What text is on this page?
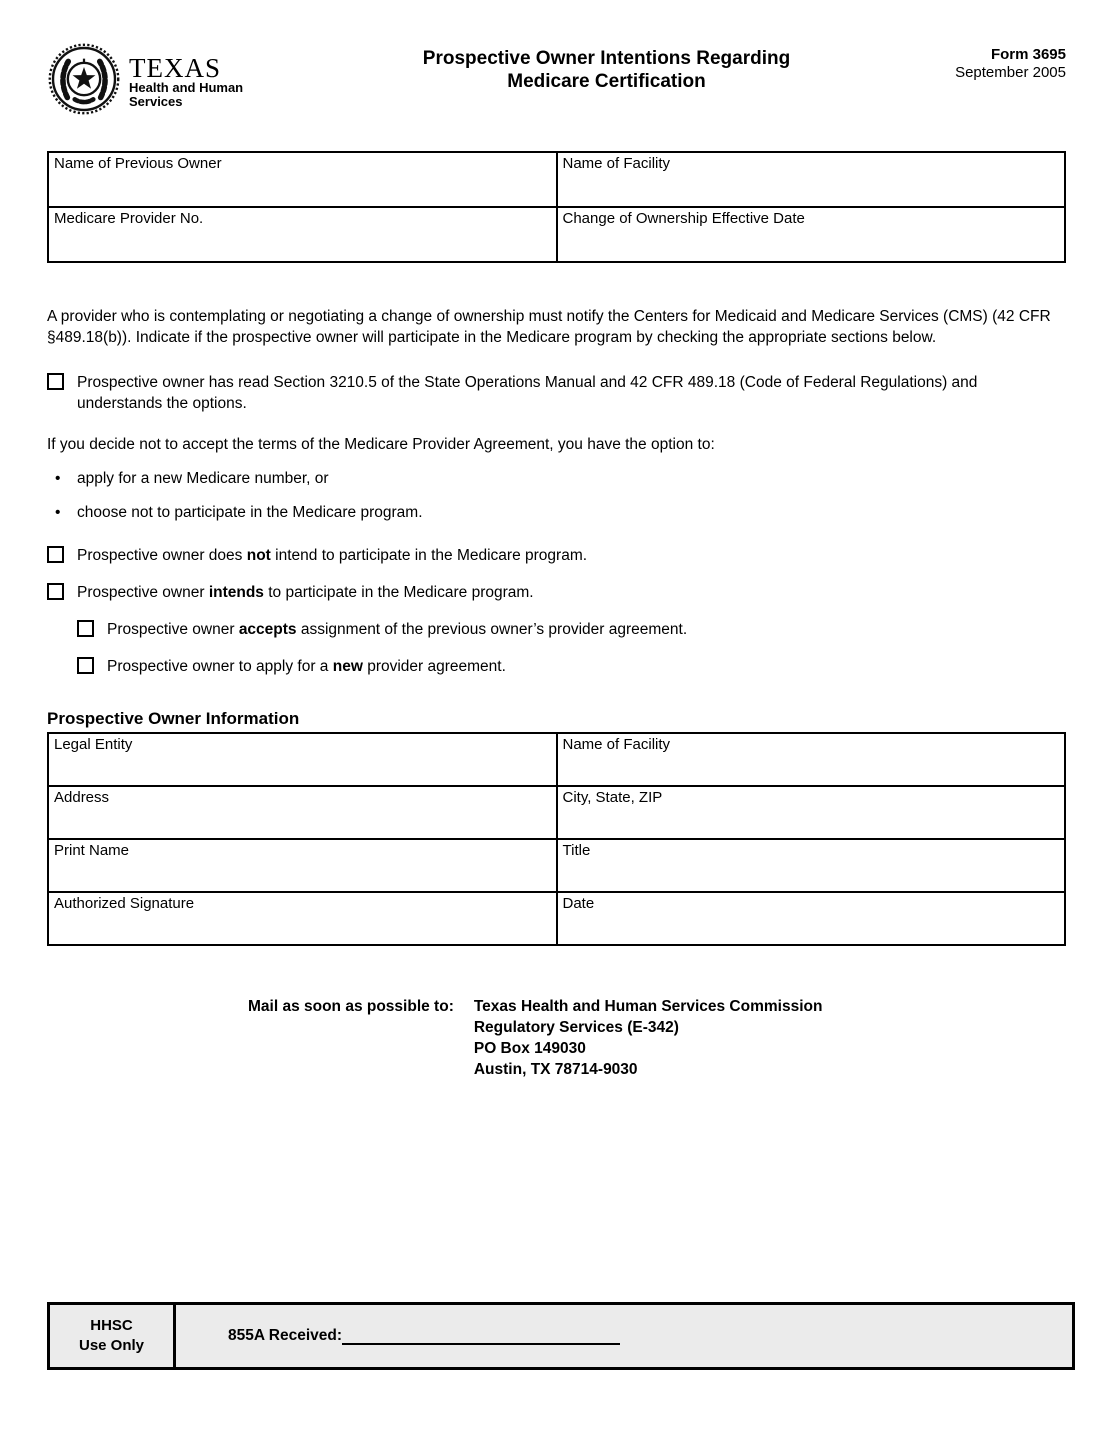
TEXAS
Health and Human
Services
Prospective Owner Intentions Regarding
Medicare Certification
Form 3695
September 2005
Name of Previous Owner	Name of Facility

Medicare Provider No.	Change of Ownership Effective Date

A provider who is contemplating or negotiating a change of ownership must notify the Centers for Medicaid and Medicare Services (CMS) (42 CFR §489.18(b)). Indicate if the prospective owner will participate in the Medicare program by checking the appropriate sections below.

Prospective owner has read Section 3210.5 of the State Operations Manual and 42 CFR 489.18 (Code of Federal Regulations) and understands the options.

If you decide not to accept the terms of the Medicare Provider Agreement, you have the option to:

•	apply for a new Medicare number, or
•	choose not to participate in the Medicare program.
Prospective owner does not intend to participate in the Medicare program.
Prospective owner intends to participate in the Medicare program.
Prospective owner accepts assignment of the previous owner’s provider agreement.
Prospective owner to apply for a new provider agreement.
Prospective Owner Information
Legal Entity	Name of Facility

Address	City, State, ZIP

Print Name	Title

Authorized Signature	Date
Mail as soon as possible to: Texas Health and Human Services Commission
Regulatory Services (E-342)
PO Box 149030
Austin, TX 78714-9030
HHSC
Use Only
855A Received:
